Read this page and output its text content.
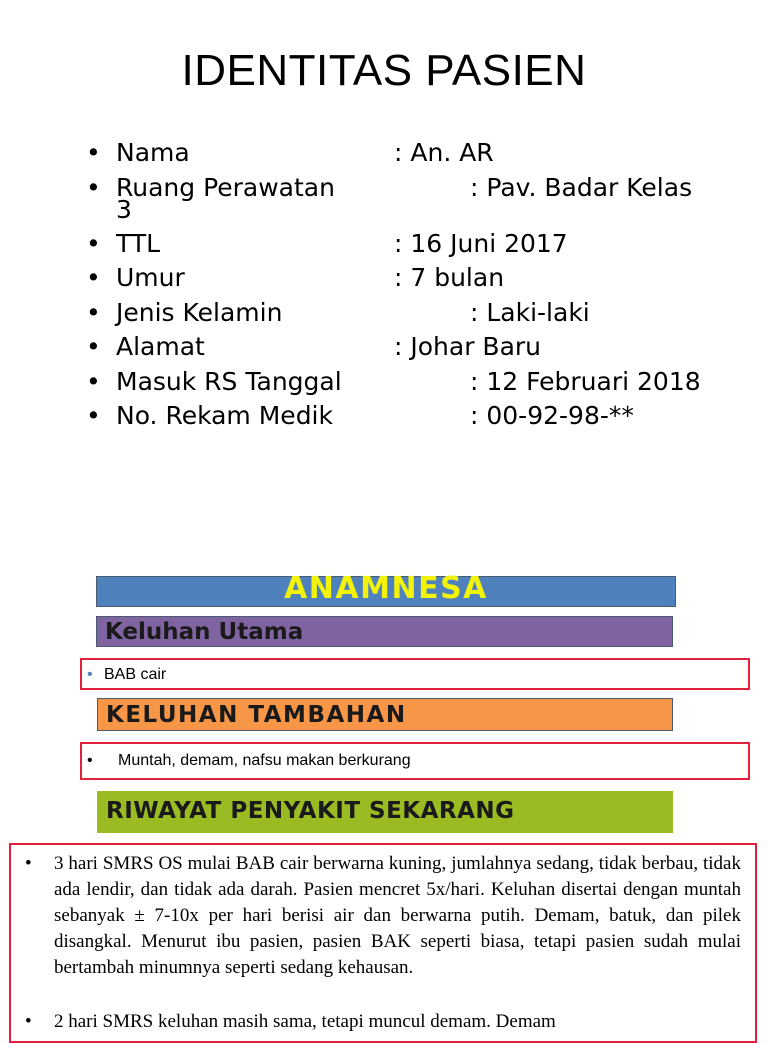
IDENTITAS PASIEN
• Nama	: An. AR
• Ruang Perawatan	: Pav. Badar Kelas
3
• TTL	: 16 Juni 2017
• Umur	: 7 bulan
• Jenis Kelamin	: Laki-laki
• Alamat	: Johar Baru
• Masuk RS Tanggal	: 12 Februari 2018
• No. Rekam Medik	: 00-92-98-**
ANAMNESA
Keluhan Utama
• BAB cair
KELUHAN TAMBAHAN
• Muntah, demam, nafsu makan berkurang
RIWAYAT PENYAKIT SEKARANG
• 3 hari SMRS OS mulai BAB cair berwarna kuning, jumlahnya sedang, tidak berbau, tidak ada lendir, dan tidak ada darah. Pasien mencret 5x/hari. Keluhan disertai dengan muntah sebanyak ± 7-10x per hari berisi air dan berwarna putih. Demam, batuk, dan pilek disangkal. Menurut ibu pasien, pasien BAK seperti biasa, tetapi pasien sudah mulai bertambah minumnya seperti sedang kehausan.
• 2 hari SMRS keluhan masih sama, tetapi muncul demam. Demam
